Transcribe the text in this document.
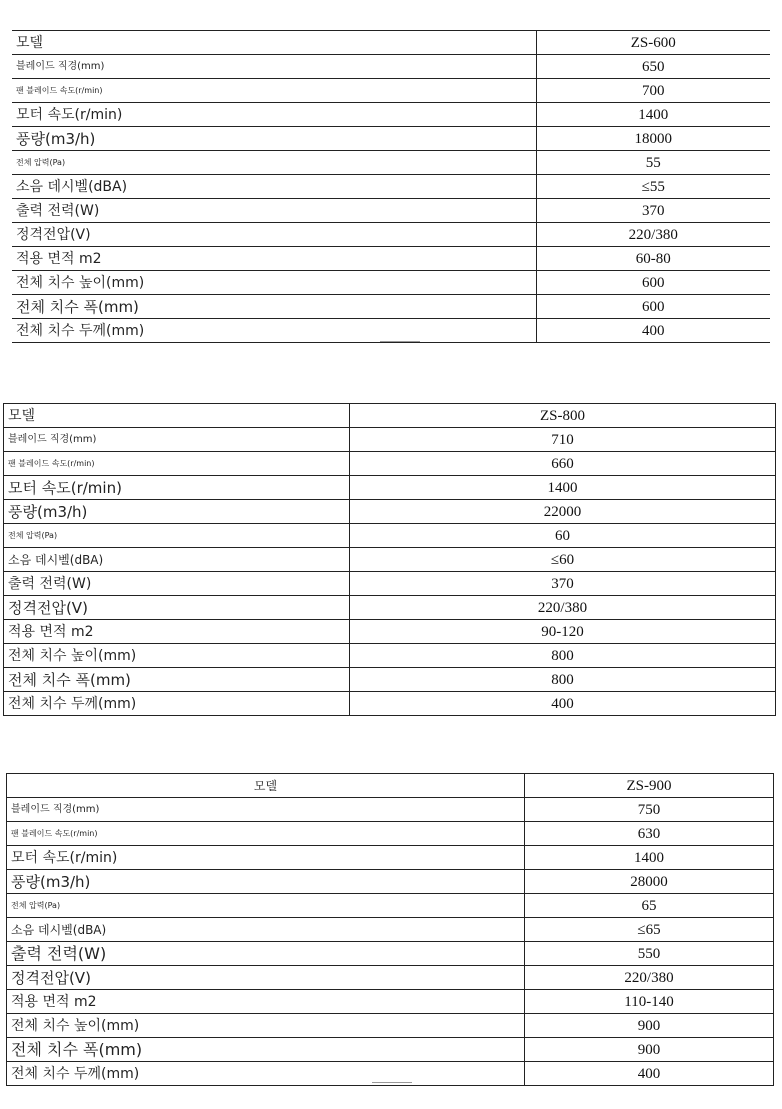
모델	ZS-600
블레이드 직경(mm)	650
팬 블레이드 속도(r/min)	700
모터 속도(r/min)	1400
풍량(m3/h)	18000
전체 압력(Pa)	55
소음 데시벨(dBA)	≤55
출력 전력(W)	370
정격전압(V)	220/380
적용 면적 m2	60-80
전체 치수 높이(mm)	600
전체 치수 폭(mm)	600
전체 치수 두께(mm)	400
모델	ZS-800
블레이드 직경(mm)	710
팬 블레이드 속도(r/min)	660
모터 속도(r/min)	1400
풍량(m3/h)	22000
전체 압력(Pa)	60
소음 데시벨(dBA)	≤60
출력 전력(W)	370
정격전압(V)	220/380
적용 면적 m2	90-120
전체 치수 높이(mm)	800
전체 치수 폭(mm)	800
전체 치수 두께(mm)	400
모델	ZS-900
블레이드 직경(mm)	750
팬 블레이드 속도(r/min)	630
모터 속도(r/min)	1400
풍량(m3/h)	28000
전체 압력(Pa)	65
소음 데시벨(dBA)	≤65
출력 전력(W)	550
정격전압(V)	220/380
적용 면적 m2	110-140
전체 치수 높이(mm)	900
전체 치수 폭(mm)	900
전체 치수 두께(mm)	400
